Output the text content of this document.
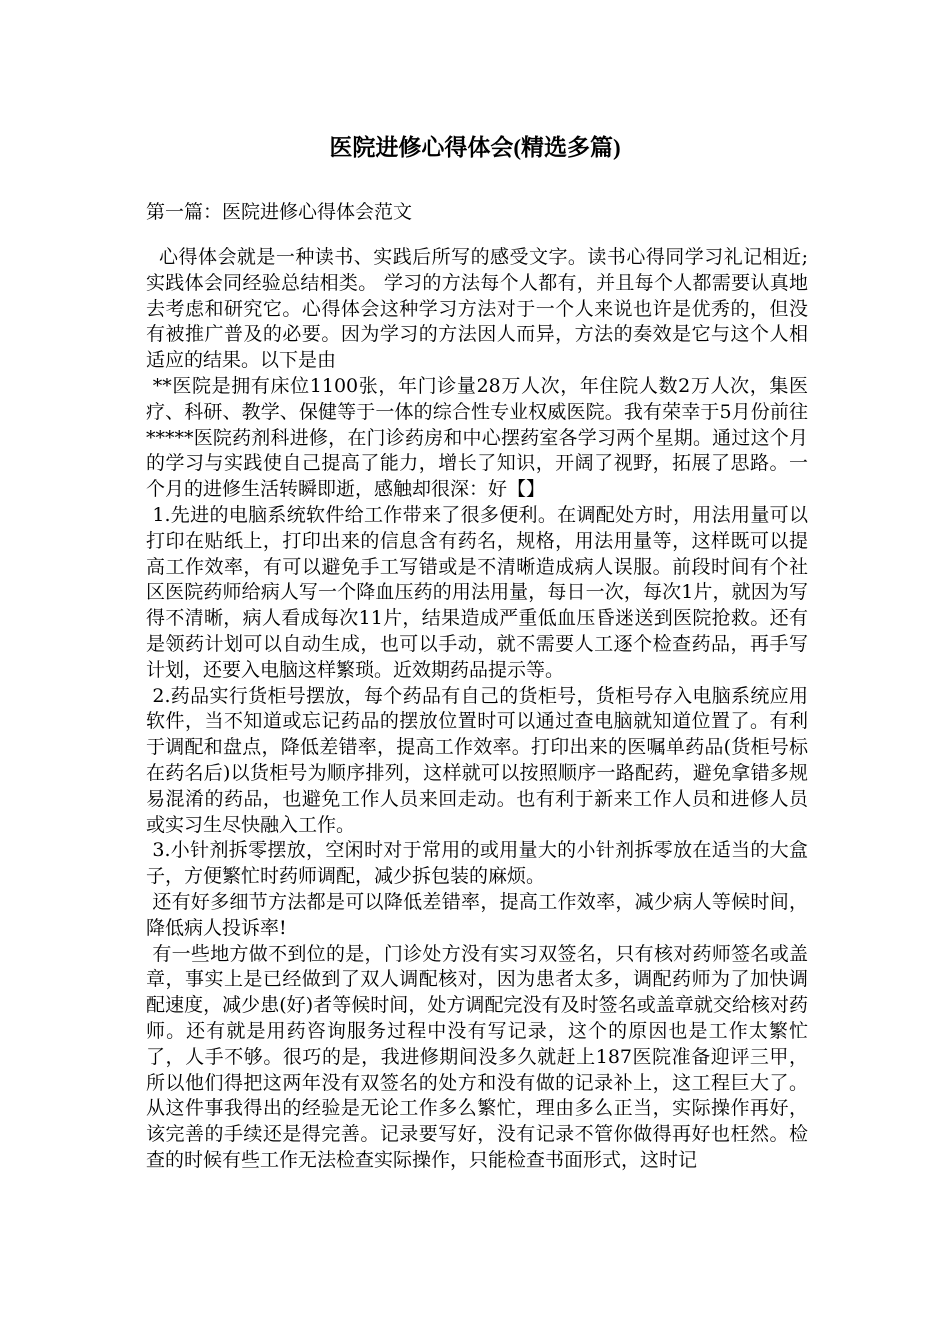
医院进修心得体会(精选多篇)
第一篇：医院进修心得体会范文

心得体会就是一种读书、实践后所写的感受文字。读书心得同学习礼记相近;实践体会同经验总结相类。 学习的方法每个人都有，并且每个人都需要认真地去考虑和研究它。心得体会这种学习方法对于一个人来说也许是优秀的，但没有被推广普及的必要。因为学习的方法因人而异，方法的奏效是它与这个人相适应的结果。以下是由

**医院是拥有床位1100张，年门诊量28万人次，年住院人数2万人次，集医疗、科研、教学、保健等于一体的综合性专业权威医院。我有荣幸于5月份前往*****医院药剂科进修，在门诊药房和中心摆药室各学习两个星期。通过这个月的学习与实践使自己提高了能力，增长了知识，开阔了视野，拓展了思路。一个月的进修生活转瞬即逝，感触却很深：好【】

1.先进的电脑系统软件给工作带来了很多便利。在调配处方时，用法用量可以打印在贴纸上，打印出来的信息含有药名，规格，用法用量等，这样既可以提高工作效率，有可以避免手工写错或是不清晰造成病人误服。前段时间有个社区医院药师给病人写一个降血压药的用法用量，每日一次，每次1片，就因为写得不清晰，病人看成每次11片，结果造成严重低血压昏迷送到医院抢救。还有是领药计划可以自动生成，也可以手动，就不需要人工逐个检查药品，再手写计划，还要入电脑这样繁琐。近效期药品提示等。

2.药品实行货柜号摆放，每个药品有自己的货柜号，货柜号存入电脑系统应用软件，当不知道或忘记药品的摆放位置时可以通过查电脑就知道位置了。有利于调配和盘点，降低差错率，提高工作效率。打印出来的医嘱单药品(货柜号标在药名后)以货柜号为顺序排列，这样就可以按照顺序一路配药，避免拿错多规易混淆的药品，也避免工作人员来回走动。也有利于新来工作人员和进修人员或实习生尽快融入工作。

3.小针剂拆零摆放，空闲时对于常用的或用量大的小针剂拆零放在适当的大盒子，方便繁忙时药师调配，减少拆包装的麻烦。

还有好多细节方法都是可以降低差错率，提高工作效率，减少病人等候时间，降低病人投诉率!

有一些地方做不到位的是，门诊处方没有实习双签名，只有核对药师签名或盖章，事实上是已经做到了双人调配核对，因为患者太多，调配药师为了加快调配速度，减少患(好)者等候时间，处方调配完没有及时签名或盖章就交给核对药师。还有就是用药咨询服务过程中没有写记录，这个的原因也是工作太繁忙了，人手不够。很巧的是，我进修期间没多久就赶上187医院准备迎评三甲，所以他们得把这两年没有双签名的处方和没有做的记录补上，这工程巨大了。从这件事我得出的经验是无论工作多么繁忙，理由多么正当，实际操作再好，该完善的手续还是得完善。记录要写好，没有记录不管你做得再好也枉然。检查的时候有些工作无法检查实际操作，只能检查书面形式，这时记
